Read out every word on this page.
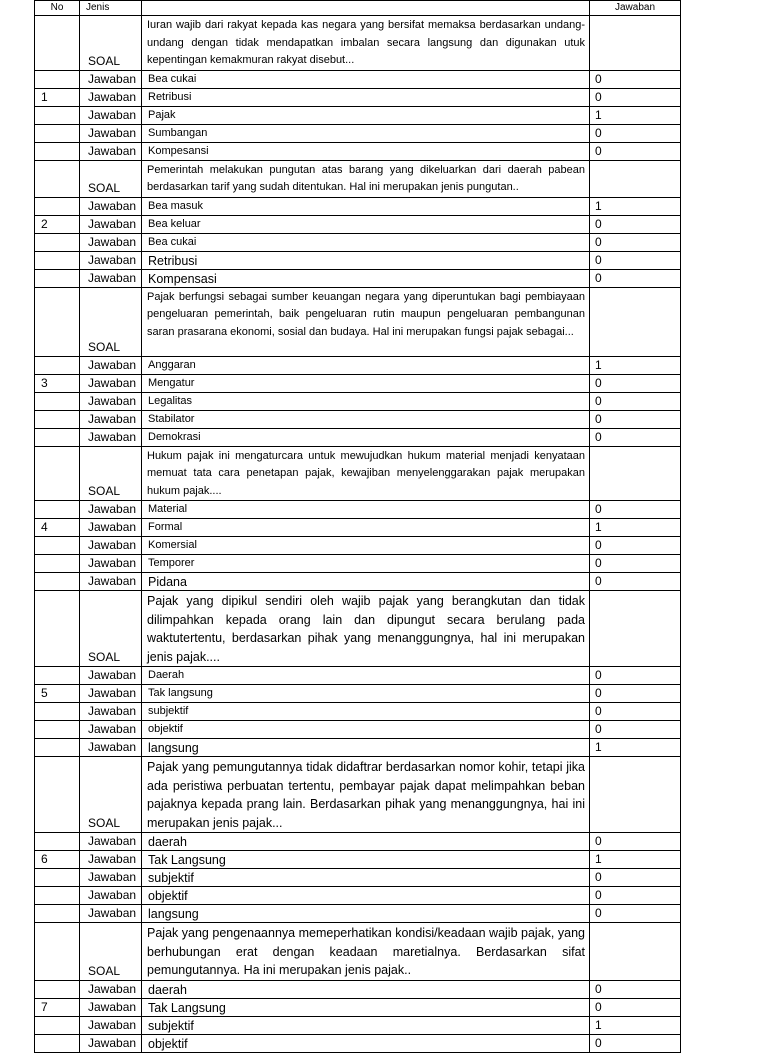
No	Jenis		Jawaban
	SOAL	Iuran wajib dari rakyat kepada kas negara yang bersifat memaksa berdasarkan undang-undang dengan tidak mendapatkan imbalan secara langsung dan digunakan utuk kepentingan kemakmuran rakyat disebut...	
	Jawaban	Bea cukai	0
1	Jawaban	Retribusi	0
	Jawaban	Pajak	1
	Jawaban	Sumbangan	0
	Jawaban	Kompesansi	0
	SOAL	Pemerintah melakukan pungutan atas barang yang dikeluarkan dari daerah pabean berdasarkan tarif yang sudah ditentukan. Hal ini merupakan jenis pungutan..	
	Jawaban	Bea masuk	1
2	Jawaban	Bea keluar	0
	Jawaban	Bea cukai	0
	Jawaban	Retribusi	0
	Jawaban	Kompensasi	0
	SOAL	Pajak berfungsi sebagai sumber keuangan negara yang diperuntukan bagi pembiayaan pengeluaran pemerintah, baik pengeluaran rutin maupun pengeluaran pembangunan saran prasarana ekonomi, sosial dan budaya. Hal ini merupakan fungsi pajak sebagai...	
	Jawaban	Anggaran	1
3	Jawaban	Mengatur	0
	Jawaban	Legalitas	0
	Jawaban	Stabilator	0
	Jawaban	Demokrasi	0
	SOAL	Hukum pajak ini mengaturcara untuk mewujudkan hukum material menjadi kenyataan memuat tata cara penetapan pajak, kewajiban menyelenggarakan pajak merupakan hukum pajak....	
	Jawaban	Material	0
4	Jawaban	Formal	1
	Jawaban	Komersial	0
	Jawaban	Temporer	0
	Jawaban	Pidana	0
	SOAL	Pajak yang dipikul sendiri oleh wajib pajak yang berangkutan dan tidak dilimpahkan kepada orang lain dan dipungut secara berulang pada waktutertentu, berdasarkan pihak yang menanggungnya, hal ini merupakan jenis pajak....	
	Jawaban	Daerah	0
5	Jawaban	Tak langsung	0
	Jawaban	subjektif	0
	Jawaban	objektif	0
	Jawaban	langsung	1
	SOAL	Pajak yang pemungutannya tidak didaftrar berdasarkan nomor kohir, tetapi jika ada peristiwa perbuatan tertentu, pembayar pajak dapat melimpahkan beban pajaknya kepada prang lain. Berdasarkan pihak yang menanggungnya, hai ini merupakan jenis pajak...	
	Jawaban	daerah	0
6	Jawaban	Tak Langsung	1
	Jawaban	subjektif	0
	Jawaban	objektif	0
	Jawaban	langsung	0
	SOAL	Pajak yang pengenaannya memeperhatikan kondisi/keadaan wajib pajak, yang berhubungan erat dengan keadaan maretialnya. Berdasarkan sifat pemungutannya. Ha ini merupakan jenis pajak..	
	Jawaban	daerah	0
7	Jawaban	Tak Langsung	0
	Jawaban	subjektif	1
	Jawaban	objektif	0
